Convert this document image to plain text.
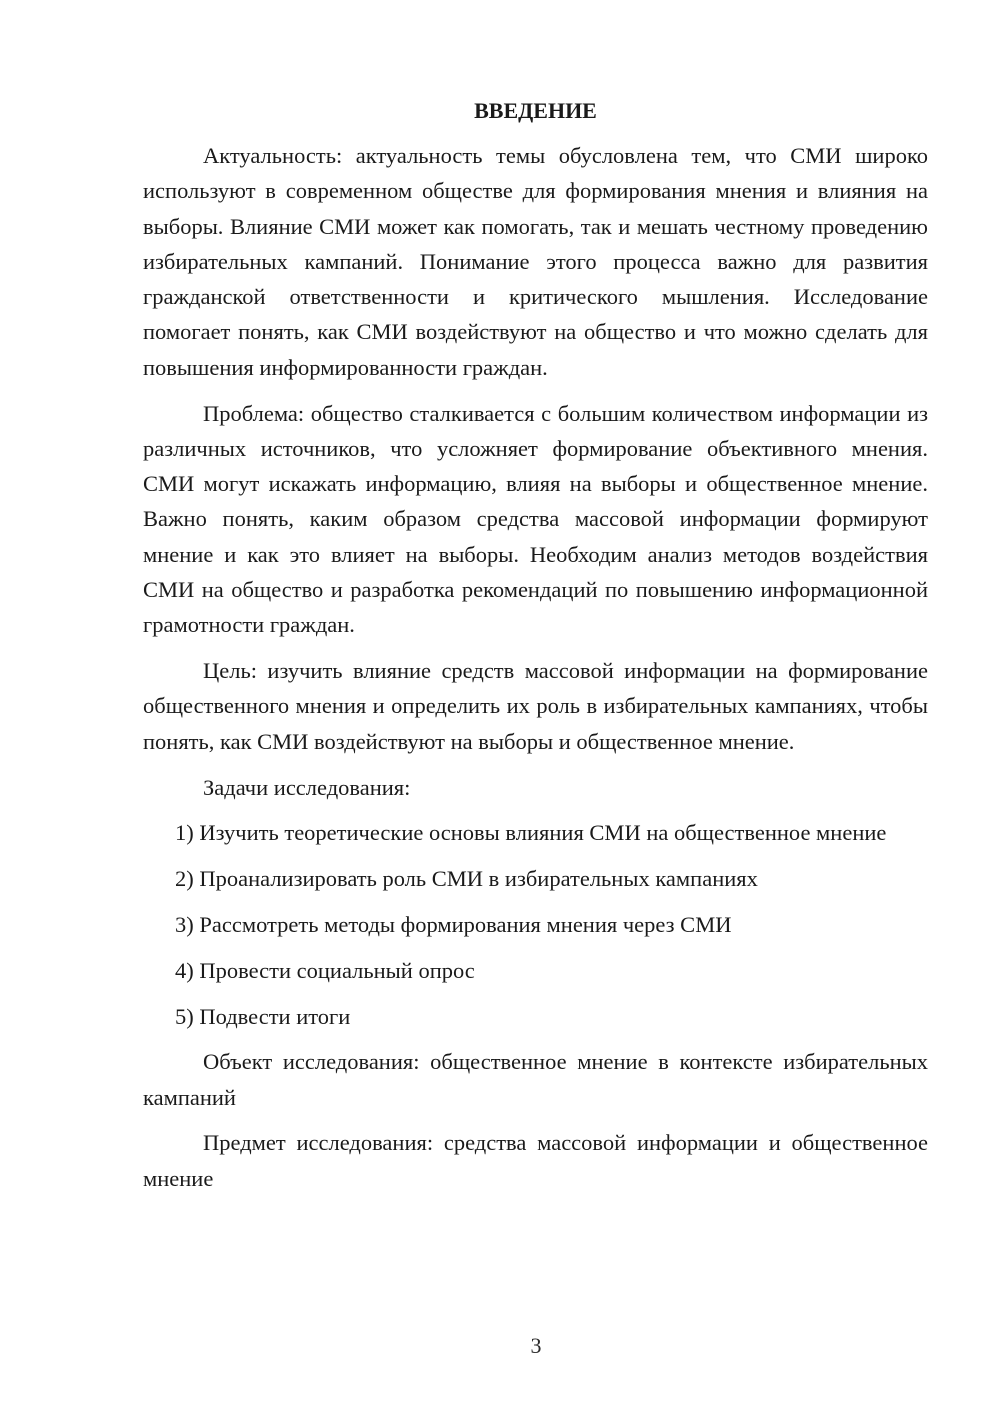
ВВЕДЕНИЕ

Актуальность: актуальность темы обусловлена тем, что СМИ широко используют в современном обществе для формирования мнения и влияния на выборы. Влияние СМИ может как помогать, так и мешать честному проведению избирательных кампаний. Понимание этого процесса важно для развития гражданской ответственности и критического мышления. Исследование помогает понять, как СМИ воздействуют на общество и что можно сделать для повышения информированности граждан.

Проблема: общество сталкивается с большим количеством информации из различных источников, что усложняет формирование объективного мнения. СМИ могут искажать информацию, влияя на выборы и общественное мнение. Важно понять, каким образом средства массовой информации формируют мнение и как это влияет на выборы. Необходим анализ методов воздействия СМИ на общество и разработка рекомендаций по повышению информационной грамотности граждан.

Цель: изучить влияние средств массовой информации на формирование общественного мнения и определить их роль в избирательных кампаниях, чтобы понять, как СМИ воздействуют на выборы и общественное мнение.

Задачи исследования:

1) Изучить теоретические основы влияния СМИ на общественное мнение

2) Проанализировать роль СМИ в избирательных кампаниях

3) Рассмотреть методы формирования мнения через СМИ

4) Провести социальный опрос

5) Подвести итоги

Объект исследования: общественное мнение в контексте избирательных кампаний

Предмет исследования: средства массовой информации и общественное мнение

3
